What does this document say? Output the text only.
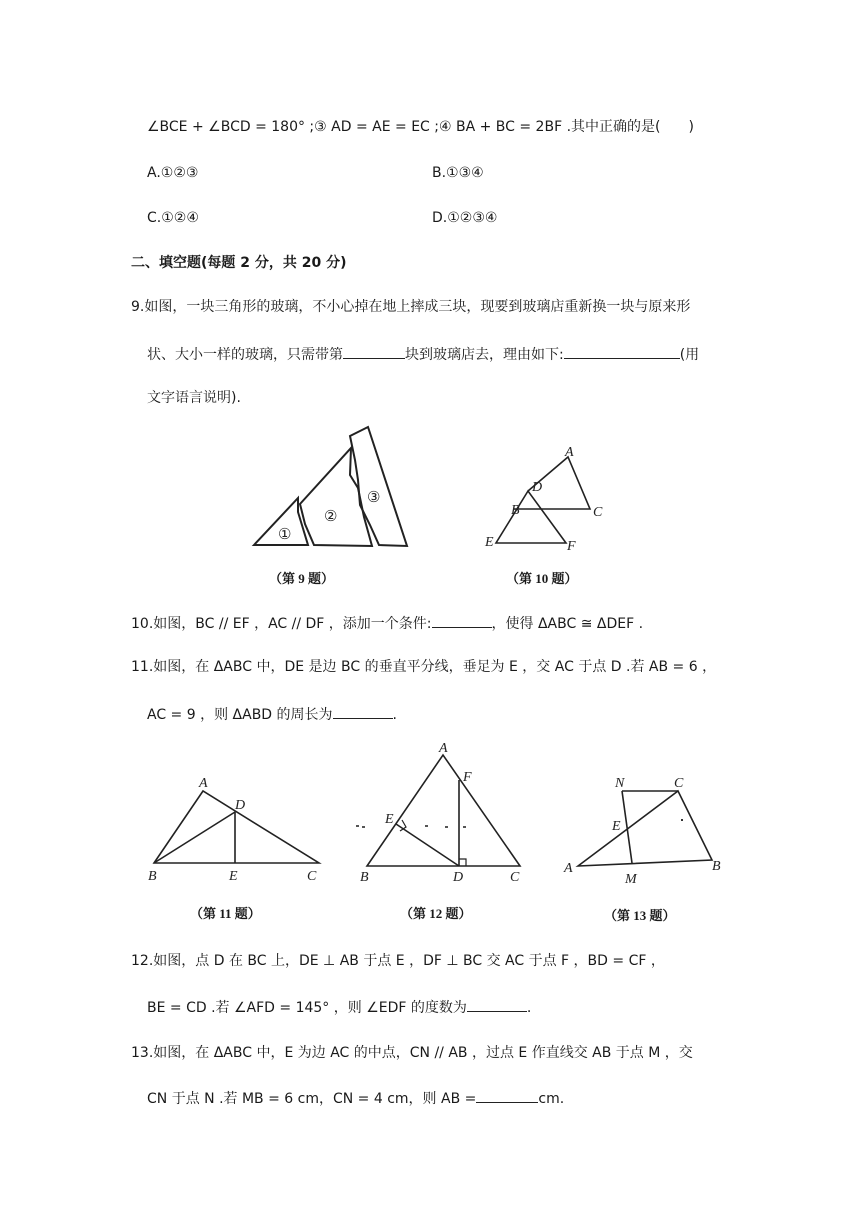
∠BCE + ∠BCD = 180° ;③ AD = AE = EC ;④ BA + BC = 2BF .其中正确的是(　　)
A.①②③	B.①③④
C.①②④	D.①②③④
二、填空题(每题 2 分，共 20 分)
9.如图，一块三角形的玻璃，不小心掉在地上摔成三块，现要到玻璃店重新换一块与原来形
状、大小一样的玻璃，只需带第	块到玻璃店去，理由如下:	(用
文字语言说明).
①
②
③
（第 9 题）
A
D
B	C
E	F
（第 10 题）
10.如图，BC // EF ，AC // DF ，添加一个条件:	，使得 ΔABC ≅ ΔDEF .
11.如图，在 ΔABC 中，DE 是边 BC 的垂直平分线，垂足为 E ，交 AC 于点 D .若 AB = 6 ，
AC = 9 ，则 ΔABD 的周长为	.
A
D
B	E	C
（第 11 题）
A
F
E
B	D	C
（第 12 题）
N	C
E
A
M
B
（第 13 题）
12.如图，点 D 在 BC 上，DE ⊥ AB 于点 E ，DF ⊥ BC 交 AC 于点 F ，BD = CF ，
BE = CD .若 ∠AFD = 145° ，则 ∠EDF 的度数为	.
13.如图，在 ΔABC 中，E 为边 AC 的中点，CN // AB ，过点 E 作直线交 AB 于点 M ，交
CN 于点 N .若 MB = 6 cm，CN = 4 cm，则 AB =	cm.
